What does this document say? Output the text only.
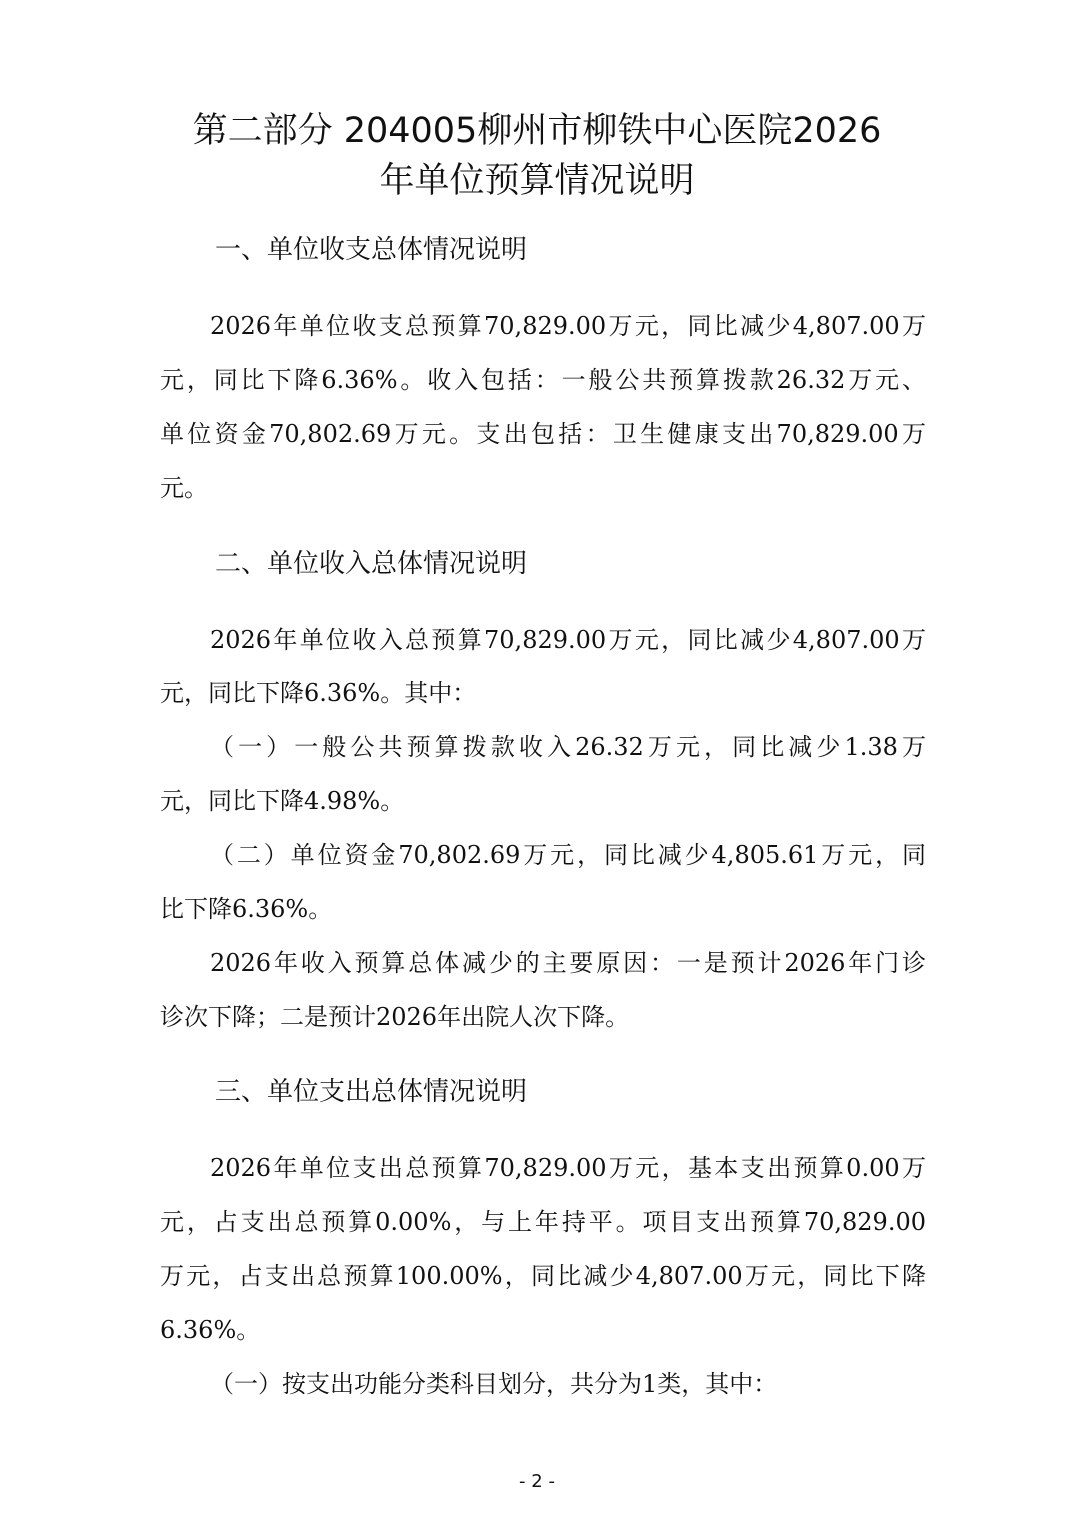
第二部分 204005柳州市柳铁中心医院2026
年单位预算情况说明
一、单位收支总体情况说明

2026年单位收支总预算70,829.00万元，同比减少4,807.00万

元，同比下降6.36%。收入包括：一般公共预算拨款26.32万元、

单位资金70,802.69万元。支出包括：卫生健康支出70,829.00万

元。

二、单位收入总体情况说明

2026年单位收入总预算70,829.00万元，同比减少4,807.00万

元，同比下降6.36%。其中：

（一）一般公共预算拨款收入26.32万元，同比减少1.38万

元，同比下降4.98%。

（二）单位资金70,802.69万元，同比减少4,805.61万元，同

比下降6.36%。

2026年收入预算总体减少的主要原因：一是预计2026年门诊

诊次下降；二是预计2026年出院人次下降。

三、单位支出总体情况说明

2026年单位支出总预算70,829.00万元，基本支出预算0.00万

元，占支出总预算0.00%，与上年持平。项目支出预算70,829.00

万元，占支出总预算100.00%，同比减少4,807.00万元，同比下降

6.36%。

（一）按支出功能分类科目划分，共分为1类，其中：

- 2 -
